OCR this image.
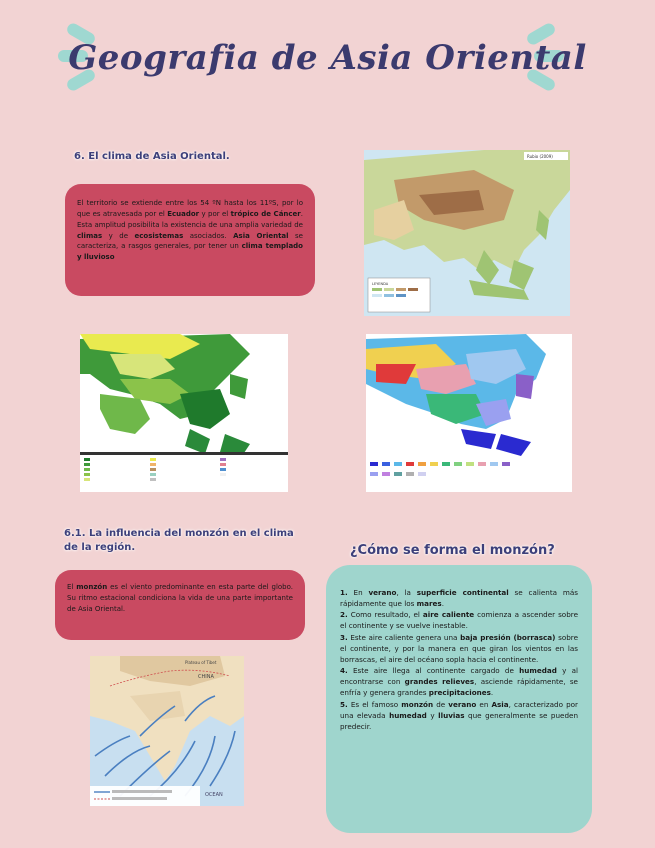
Geografia de Asia Oriental
6. El clima de Asia Oriental.
El territorio se extiende entre los 54 ºN hasta los 11ºS, por lo que es atravesada por el Ecuador y por el trópico de Cáncer. Esta amplitud posibilita la existencia de una amplia variedad de climas y de ecosistemas asociados. Asia Oriental se caracteriza, a rasgos generales, por tener un clima templado y lluvioso
LEYENDA
Rubio (2009)
6.1. La influencia del monzón en el clima de la región.
El monzón es el viento predominante en esta parte del globo. Su ritmo estacional condiciona la vida de una parte importante de Asia Oriental.
OCEAN
CHINA
Plateau of Tibet
¿Cómo se forma el monzón?
1. En verano, la superficie continental se calienta más rápidamente que los mares.
2. Como resultado, el aire caliente comienza a ascender sobre el continente y se vuelve inestable.
3. Este aire caliente genera una baja presión (borrasca) sobre el continente, y por la manera en que giran los vientos en las borrascas, el aire del océano sopla hacia el continente.
4. Este aire llega al continente cargado de humedad y al encontrarse con grandes relieves, asciende rápidamente, se enfría y genera grandes precipitaciones.
5. Es el famoso monzón de verano en Asia, caracterizado por una elevada humedad y lluvias que generalmente se pueden predecir.
